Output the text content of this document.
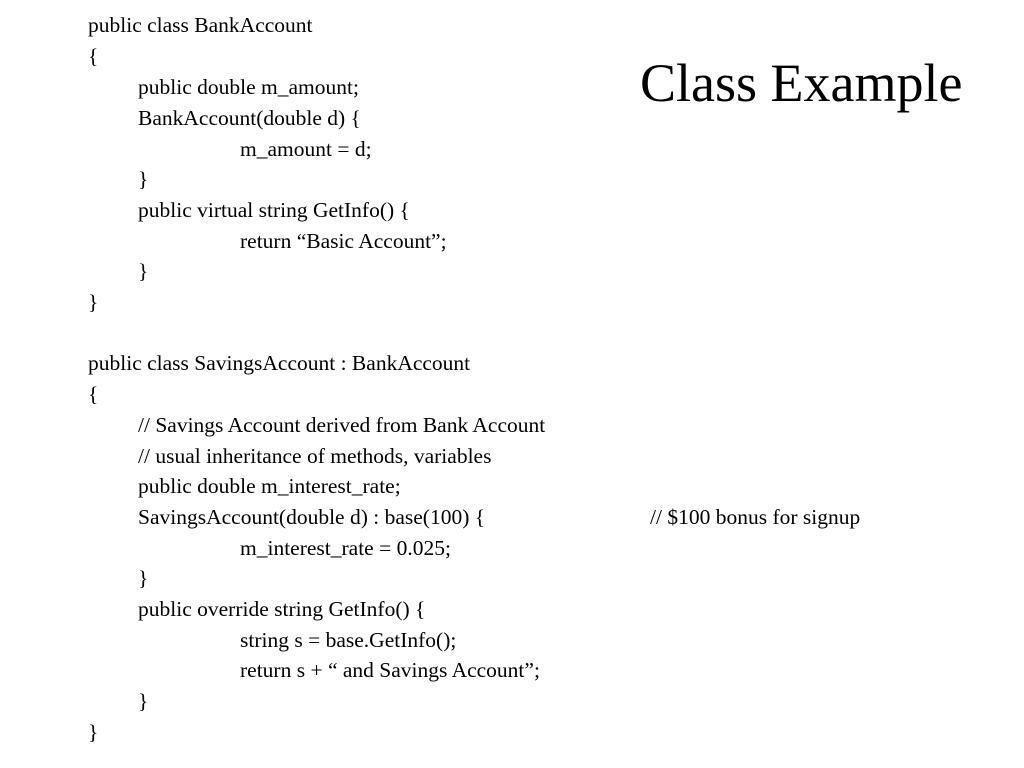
Class Example
public class BankAccount
{
public double m_amount;
BankAccount(double d) {
m_amount = d;
}
public virtual string GetInfo() {
return “Basic Account”;
}
}
public class SavingsAccount : BankAccount
{
// Savings Account derived from Bank Account
// usual inheritance of methods, variables
public double m_interest_rate;
SavingsAccount(double d) : base(100) {	// $100 bonus for signup
m_interest_rate = 0.025;
}
public override string GetInfo() {
string s = base.GetInfo();
return s + “ and Savings Account”;
}
}
